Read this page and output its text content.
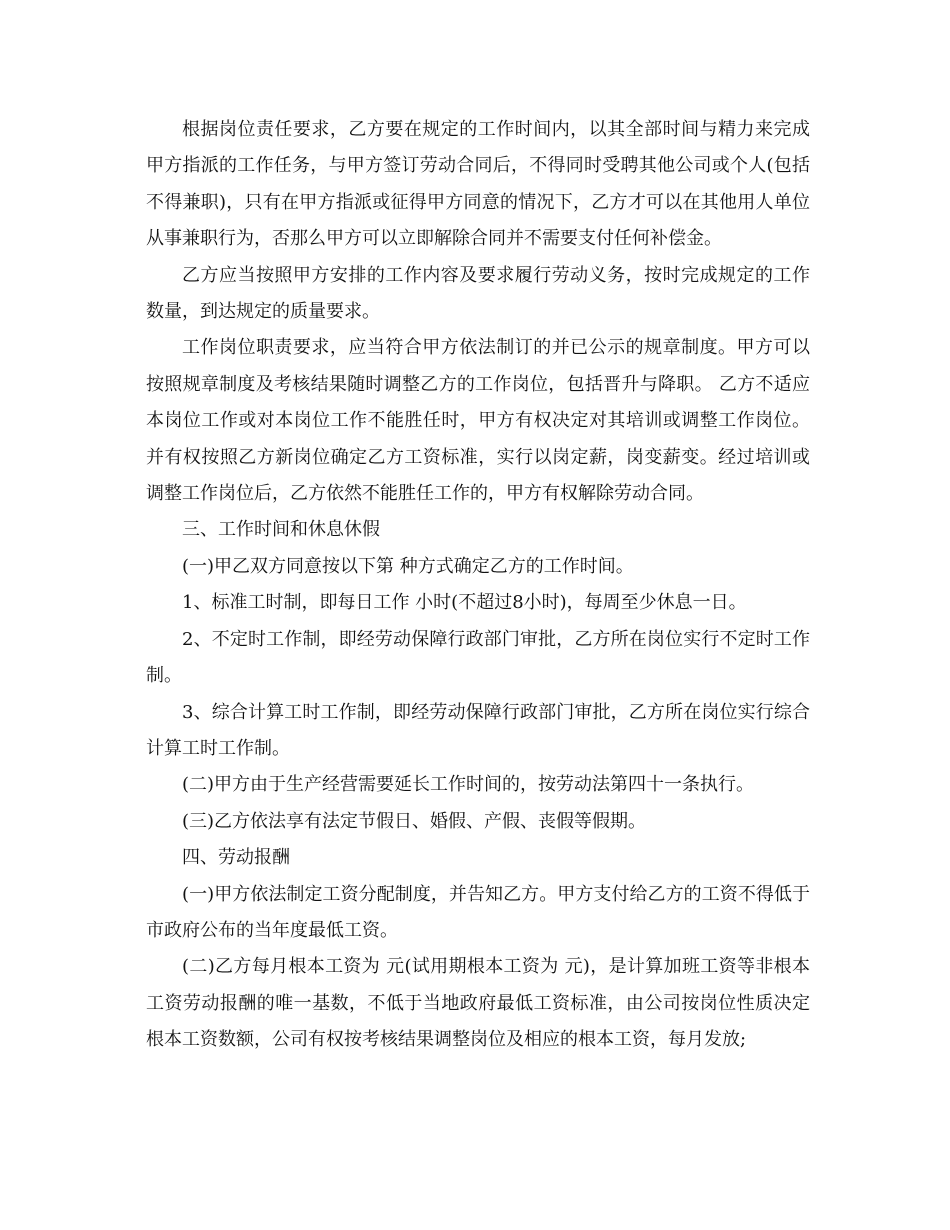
根据岗位责任要求，乙方要在规定的工作时间内，以其全部时间与精力来完成甲方指派的工作任务，与甲方签订劳动合同后，不得同时受聘其他公司或个人(包括不得兼职)，只有在甲方指派或征得甲方同意的情况下，乙方才可以在其他用人单位从事兼职行为，否那么甲方可以立即解除合同并不需要支付任何补偿金。

乙方应当按照甲方安排的工作内容及要求履行劳动义务，按时完成规定的工作数量，到达规定的质量要求。

工作岗位职责要求，应当符合甲方依法制订的并已公示的规章制度。甲方可以按照规章制度及考核结果随时调整乙方的工作岗位，包括晋升与降职。 乙方不适应本岗位工作或对本岗位工作不能胜任时，甲方有权决定对其培训或调整工作岗位。并有权按照乙方新岗位确定乙方工资标准，实行以岗定薪，岗变薪变。经过培训或调整工作岗位后，乙方依然不能胜任工作的，甲方有权解除劳动合同。

三、工作时间和休息休假

(一)甲乙双方同意按以下第 种方式确定乙方的工作时间。

1、标准工时制，即每日工作 小时(不超过8小时)，每周至少休息一日。

2、不定时工作制，即经劳动保障行政部门审批，乙方所在岗位实行不定时工作制。

3、综合计算工时工作制，即经劳动保障行政部门审批，乙方所在岗位实行综合计算工时工作制。

(二)甲方由于生产经营需要延长工作时间的，按劳动法第四十一条执行。

(三)乙方依法享有法定节假日、婚假、产假、丧假等假期。

四、劳动报酬

(一)甲方依法制定工资分配制度，并告知乙方。甲方支付给乙方的工资不得低于市政府公布的当年度最低工资。

(二)乙方每月根本工资为 元(试用期根本工资为 元)，是计算加班工资等非根本工资劳动报酬的唯一基数，不低于当地政府最低工资标准，由公司按岗位性质决定根本工资数额，公司有权按考核结果调整岗位及相应的根本工资，每月发放;
